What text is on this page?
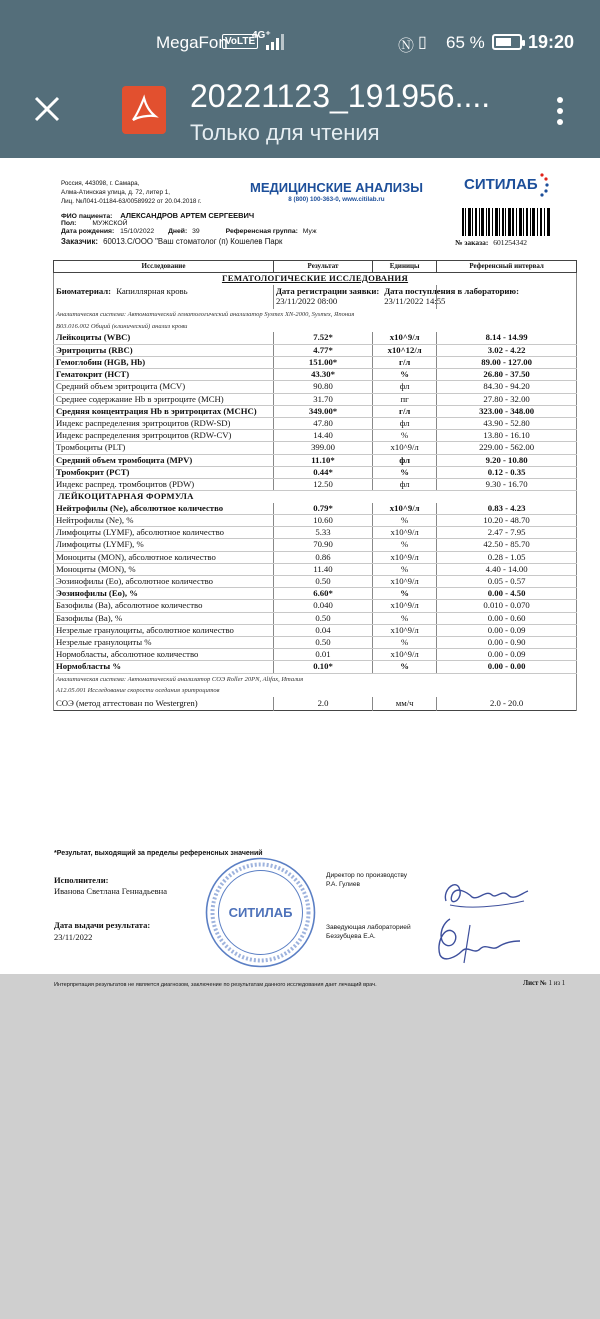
MegaFon
VoLTE
4G⁺
Ⓝ ▯ 65 % 19:20
20221123_191956....
Только для чтения
Россия, 443098, г. Самара,
Алма-Атинская улица, д. 72, литер 1,
Лиц. №Л041-01184-63/00589922 от 20.04.2018 г.
МЕДИЦИНСКИЕ АНАЛИЗЫ
8 (800) 100-363-0, www.citilab.ru
СИТИЛАБ
ФИО пациента: АЛЕКСАНДРОВ АРТЕМ СЕРГЕЕВИЧ
Пол: МУЖСКОЙ
Дата рождения: 15/10/2022 Дней: 39	Референсная группа: Муж
Заказчик: 60013.С/ООО "Ваш стоматолог (п) Кошелев Парк	№ заказа: 601254342
Исследование	Результат	Единицы	Референсный интервал
ГЕМАТОЛОГИЧЕСКИЕ ИССЛЕДОВАНИЯ
Биоматериал: Капиллярная кровь	Дата регистрации заявки:
23/11/2022 08:00	Дата поступления в лабораторию:
23/11/2022 14:55
Аналитическая система: Автоматический гематологический анализатор Sysmex XN-2000, Sysmex, Япония
B03.016.002 Общий (клинический) анализ крови
Лейкоциты (WBC)	7.52*	x10^9/л	8.14 - 14.99
Эритроциты (RBC)	4.77*	x10^12/л	3.02 - 4.22
Гемоглобин (HGB, Hb)	151.00*	г/л	89.00 - 127.00
Гематокрит (HCT)	43.30*	%	26.80 - 37.50
Средний объем эритроцита (MCV)	90.80	фл	84.30 - 94.20
Среднее содержание Hb в эритроците (MCH)	31.70	пг	27.80 - 32.00
Средняя концентрация Hb в эритроцитах (MCHC)	349.00*	г/л	323.00 - 348.00
Индекс распределения эритроцитов (RDW-SD)	47.80	фл	43.90 - 52.80
Индекс распределения эритроцитов (RDW-CV)	14.40	%	13.80 - 16.10
Тромбоциты (PLT)	399.00	x10^9/л	229.00 - 562.00
Средний объем тромбоцита (MPV)	11.10*	фл	9.20 - 10.80
Тромбокрит (PCT)	0.44*	%	0.12 - 0.35
Индекс распред. тромбоцитов (PDW)	12.50	фл	9.30 - 16.70
ЛЕЙКОЦИТАРНАЯ ФОРМУЛА
Нейтрофилы (Ne), абсолютное количество	0.79*	x10^9/л	0.83 - 4.23
Нейтрофилы (Ne), %	10.60	%	10.20 - 48.70
Лимфоциты (LYMF), абсолютное количество	5.33	x10^9/л	2.47 - 7.95
Лимфоциты (LYMF), %	70.90	%	42.50 - 85.70
Моноциты (MON), абсолютное количество	0.86	x10^9/л	0.28 - 1.05
Моноциты (MON), %	11.40	%	4.40 - 14.00
Эозинофилы (Eo), абсолютное количество	0.50	x10^9/л	0.05 - 0.57
Эозинофилы (Eo), %	6.60*	%	0.00 - 4.50
Базофилы (Ba), абсолютное количество	0.040	x10^9/л	0.010 - 0.070
Базофилы (Ba), %	0.50	%	0.00 - 0.60
Незрелые гранулоциты, абсолютное количество	0.04	x10^9/л	0.00 - 0.09
Незрелые гранулоциты %	0.50	%	0.00 - 0.90
Нормобласты, абсолютное количество	0.01	x10^9/л	0.00 - 0.09
Нормобласты %	0.10*	%	0.00 - 0.00
Аналитическая система: Автоматический анализатор СОЭ Roller 20PN, Alifax, Италия
A12.05.001 Исследование скорости оседания эритроцитов
СОЭ (метод аттестован по Westergren)	2.0	мм/ч	2.0 - 20.0
*Результат, выходящий за пределы референсных значений
Исполнители:
Иванова Светлана Геннадьевна
Дата выдачи результата:
23/11/2022
СИТИЛАБ
Директор по производству
Р.А. Гулиев
Заведующая лабораторией
Беззубцева Е.А.
Интерпретация результатов не является диагнозом, заключение по результатам данного исследования дает лечащий врач.	Лист № 1 из 1
